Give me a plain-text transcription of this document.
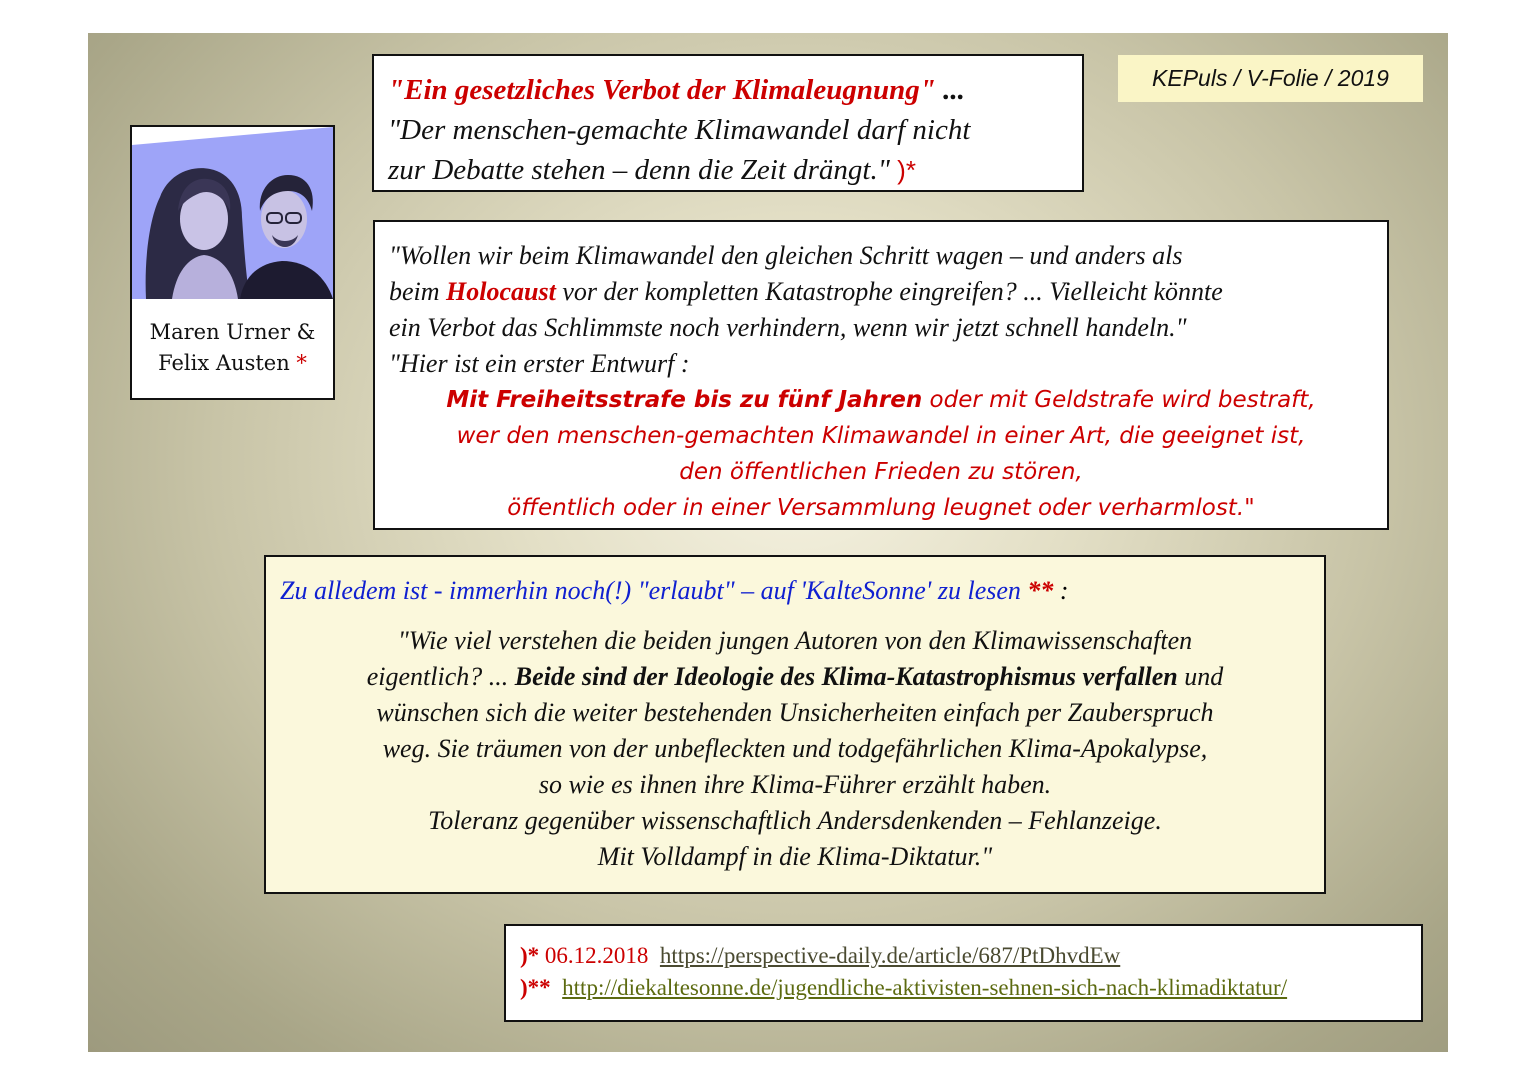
KEPuls / V-Folie / 2019

"Ein gesetzliches Verbot der Klimaleugnung" ...

"Der menschen-gemachte Klimawandel darf nicht

zur Debatte stehen – denn die Zeit drängt." )*

Maren Urner &
Felix Austen *

"Wollen wir beim Klimawandel den gleichen Schritt wagen – und anders als

beim Holocaust vor der kompletten Katastrophe eingreifen? ... Vielleicht könnte

ein Verbot das Schlimmste noch verhindern, wenn wir jetzt schnell handeln."

"Hier ist ein erster Entwurf :

Mit Freiheitsstrafe bis zu fünf Jahren oder mit Geldstrafe wird bestraft,

wer den menschen-gemachten Klimawandel in einer Art, die geeignet ist,

den öffentlichen Frieden zu stören,

öffentlich oder in einer Versammlung leugnet oder verharmlost."

Zu alledem ist - immerhin noch(!) "erlaubt" – auf 'KalteSonne' zu lesen ** :

"Wie viel verstehen die beiden jungen Autoren von den Klimawissenschaften

eigentlich? ... Beide sind der Ideologie des Klima-Katastrophismus verfallen und

wünschen sich die weiter bestehenden Unsicherheiten einfach per Zauberspruch

weg. Sie träumen von der unbefleckten und todgefährlichen Klima-Apokalypse,

so wie es ihnen ihre Klima-Führer erzählt haben.

Toleranz gegenüber wissenschaftlich Andersdenkenden – Fehlanzeige.

Mit Volldampf in die Klima-Diktatur."

)* 06.12.2018 https://perspective-daily.de/article/687/PtDhvdEw

)** http://diekaltesonne.de/jugendliche-aktivisten-sehnen-sich-nach-klimadiktatur/
